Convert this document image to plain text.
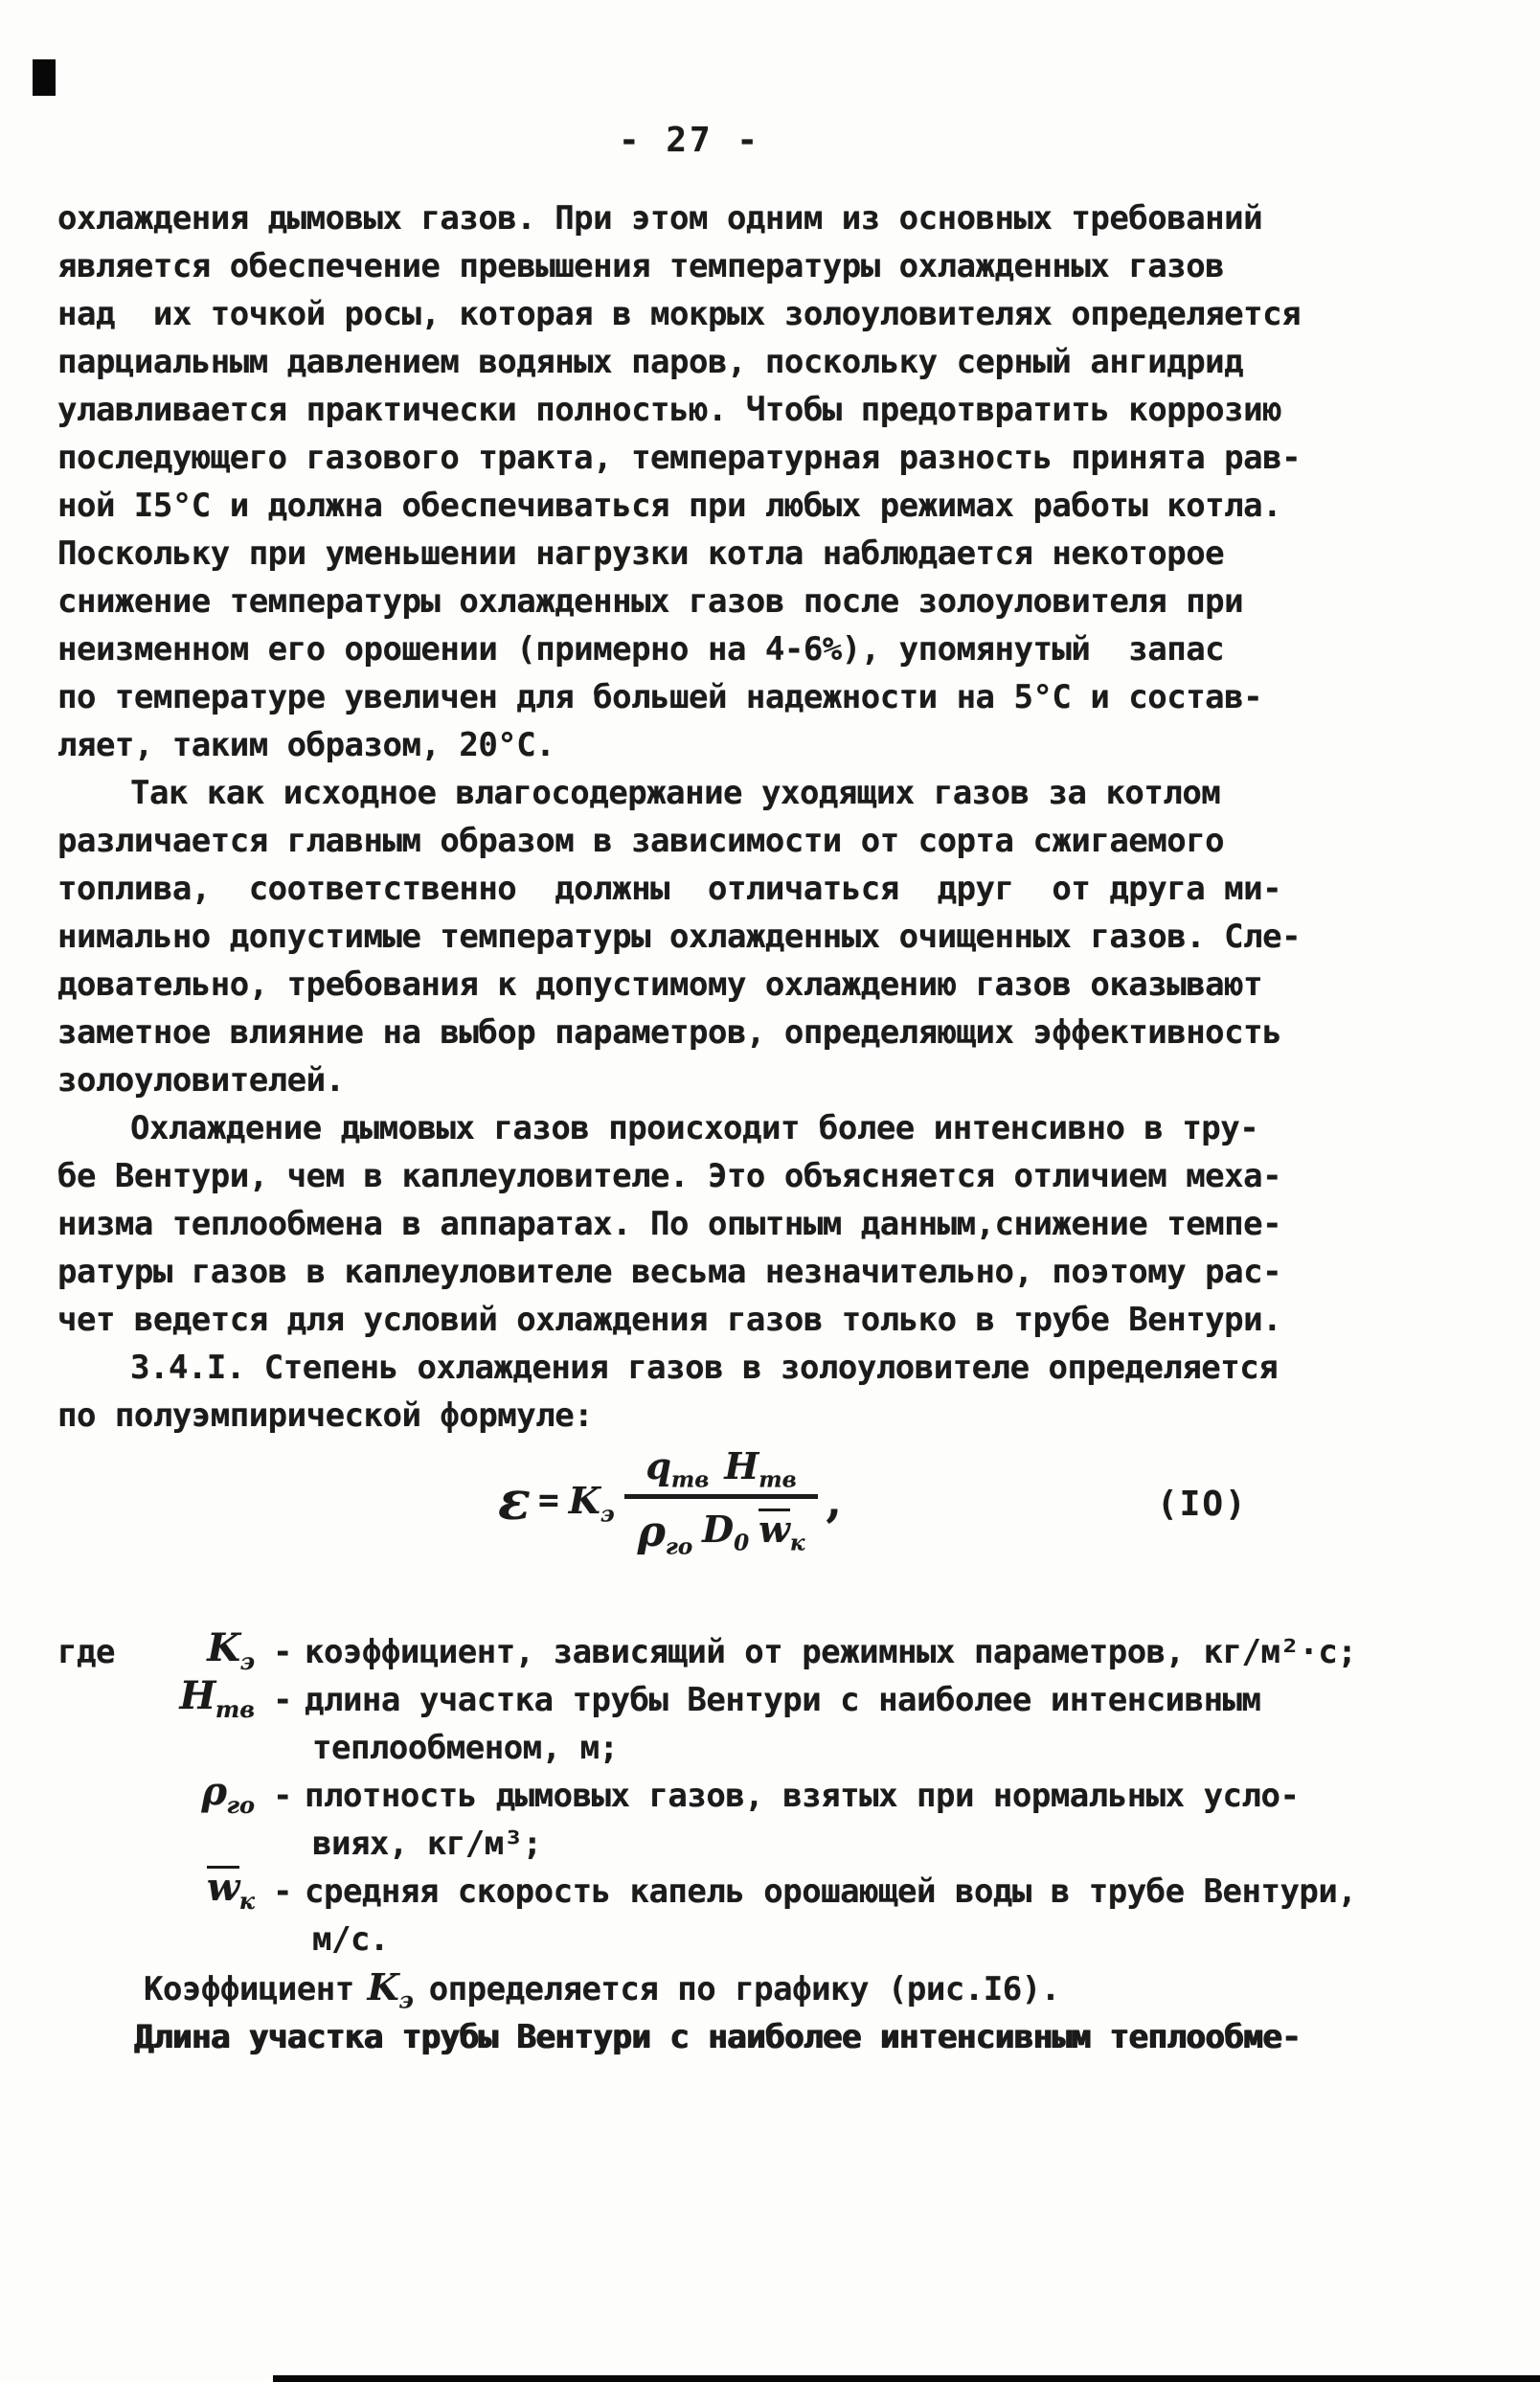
- 27 -
охлаждения дымовых газов. При этом одним из основных требований
является обеспечение превышения температуры охлажденных газов
над  их точкой росы, которая в мокрых золоуловителях определяется
парциальным давлением водяных паров, поскольку серный ангидрид
улавливается практически полностью. Чтобы предотвратить коррозию
последующего газового тракта, температурная разность принята рав-
ной I5°С и должна обеспечиваться при любых режимах работы котла.
Поскольку при уменьшении нагрузки котла наблюдается некоторое
снижение температуры охлажденных газов после золоуловителя при
неизменном его орошении (примерно на 4-6%), упомянутый  запас
по температуре увеличен для большей надежности на 5°С и состав-
ляет, таким образом, 20°С.
Так как исходное влагосодержание уходящих газов за котлом
различается главным образом в зависимости от сорта сжигаемого
топлива,  соответственно  должны  отличаться  друг  от друга ми-
нимально допустимые температуры охлажденных очищенных газов. Сле-
довательно, требования к допустимому охлаждению газов оказывают
заметное влияние на выбор параметров, определяющих эффективность
золоуловителей.
Охлаждение дымовых газов происходит более интенсивно в тру-
бе Вентури, чем в каплеуловителе. Это объясняется отличием меха-
низма теплообмена в аппаратах. По опытным данным,снижение темпе-
ратуры газов в каплеуловителе весьма незначительно, поэтому рас-
чет ведется для условий охлаждения газов только в трубе Вентури.
3.4.I. Степень охлаждения газов в золоуловителе определяется
по полуэмпирической формуле:
$\varepsilon = K_э \frac{q_{тв} H_{тв}}{\rho_{го} D_0 w_к}$ ,	(IO)
где	$K_э$ - коэффициент, зависящий от режимных параметров, кг/м²·с;
$H_{тв}$ - длина участка трубы Вентури с наиболее интенсивным
теплообменом, м;
$\rho_{го}$ - плотность дымовых газов, взятых при нормальных усло-
виях, кг/м³;
$w_к$ - средняя скорость капель орошающей воды в трубе Вентури,
м/с.
Коэффициент $K_э$ определяется по графику (рис.I6).
Длина участка трубы Вентури с наиболее интенсивным теплообме-
